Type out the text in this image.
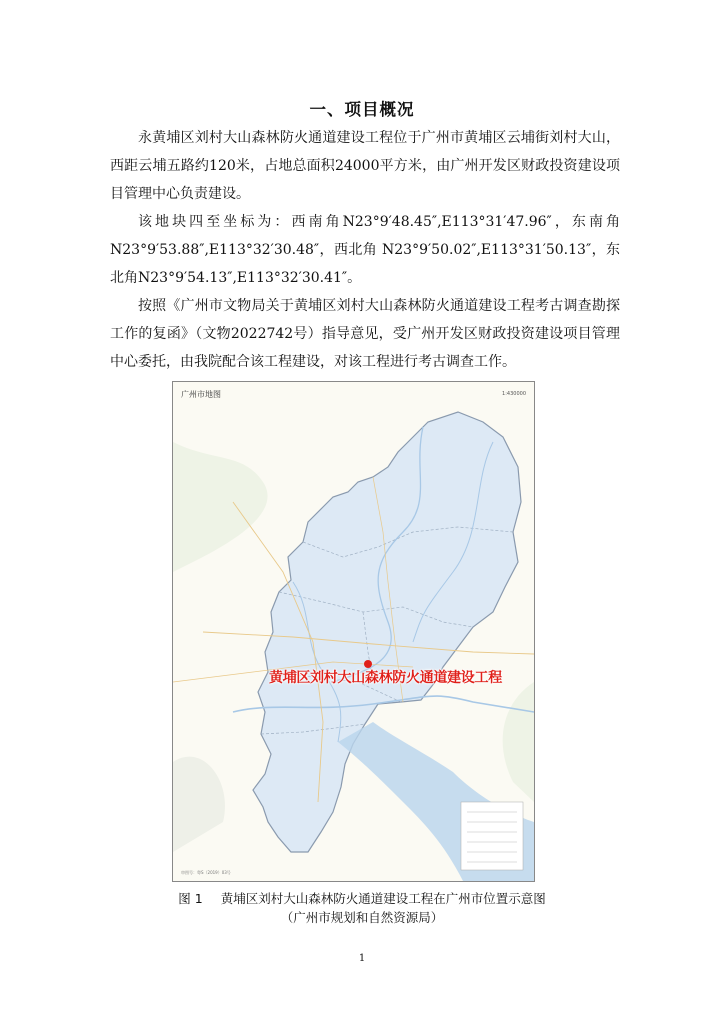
一、项目概况

永黄埔区刘村大山森林防火通道建设工程位于广州市黄埔区云埔街刘村大山，西距云埔五路约120米，占地总面积24000平方米，由广州开发区财政投资建设项目管理中心负责建设。

该地块四至坐标为：西南角N23°9′48.45″,E113°31′47.96″，东南角N23°9′53.88″,E113°32′30.48″，西北角 N23°9′50.02″,E113°31′50.13″，东北角N23°9′54.13″,E113°32′30.41″。

按照《广州市文物局关于黄埔区刘村大山森林防火通道建设工程考古调查勘探工作的复函》（文物2022742号）指导意见，受广州开发区财政投资建设项目管理中心委托，由我院配合该工程建设，对该工程进行考古调查工作。

广州市地图	1:430000
黄埔区刘村大山森林防火通道建设工程
审图号：粤S（2019）03号
图 1 黄埔区刘村大山森林防火通道建设工程在广州市位置示意图
（广州市规划和自然资源局）
1
